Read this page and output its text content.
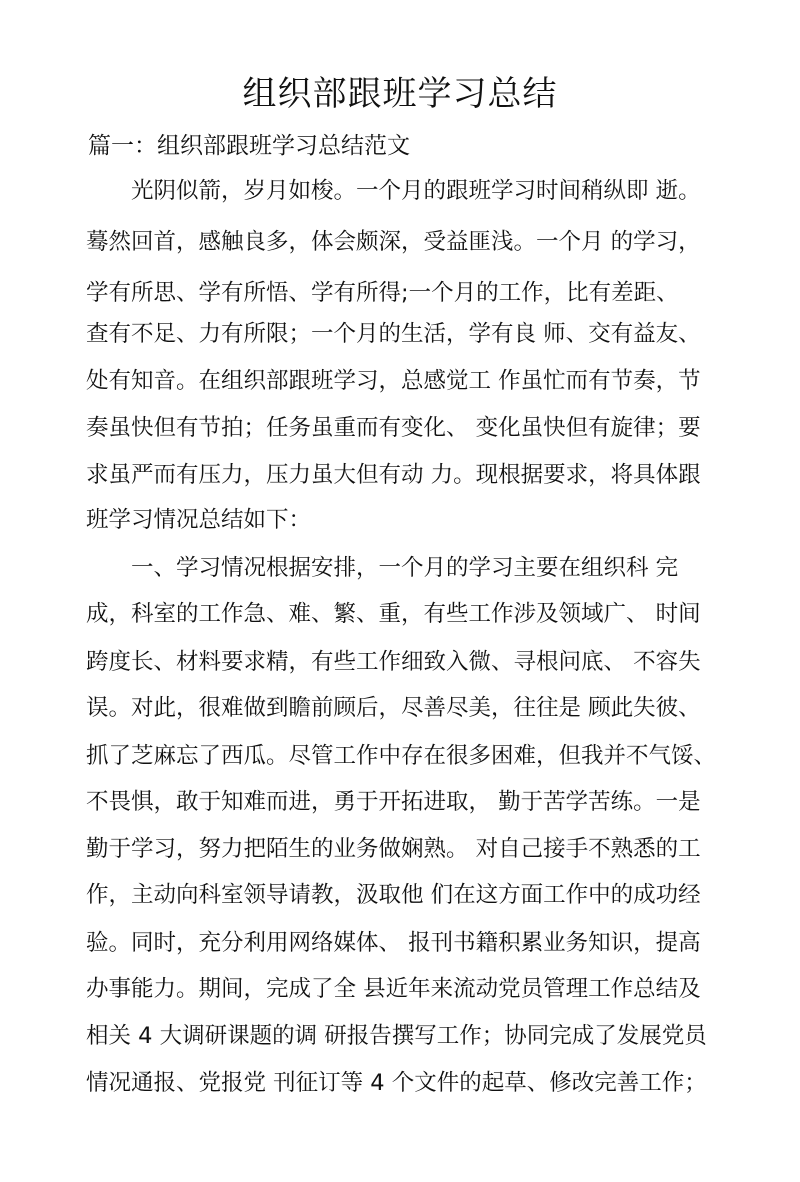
组织部跟班学习总结
篇一：组织部跟班学习总结范文

　　光阴似箭，岁月如梭。一个月的跟班学习时间稍纵即 逝。

蓦然回首，感触良多，体会颇深，受益匪浅。一个月 的学习，

学有所思、学有所悟、学有所得;一个月的工作，比有差距、

查有不足、力有所限；一个月的生活，学有良 师、交有益友、

处有知音。在组织部跟班学习，总感觉工 作虽忙而有节奏，节

奏虽快但有节拍；任务虽重而有变化、 变化虽快但有旋律；要

求虽严而有压力，压力虽大但有动 力。现根据要求，将具体跟

班学习情况总结如下：

　　一、学习情况根据安排，一个月的学习主要在组织科 完

成，科室的工作急、难、繁、重，有些工作涉及领域广、 时间

跨度长、材料要求精，有些工作细致入微、寻根问底、 不容失

误。对此，很难做到瞻前顾后，尽善尽美，往往是 顾此失彼、

抓了芝麻忘了西瓜。尽管工作中存在很多困难，但我并不气馁、

不畏惧，敢于知难而进，勇于开拓进取， 勤于苦学苦练。一是

勤于学习，努力把陌生的业务做娴熟。 对自己接手不熟悉的工

作，主动向科室领导请教，汲取他 们在这方面工作中的成功经

验。同时，充分利用网络媒体、 报刊书籍积累业务知识，提高

办事能力。期间，完成了全 县近年来流动党员管理工作总结及

相关 4 大调研课题的调 研报告撰写工作；协同完成了发展党员

情况通报、党报党 刊征订等 4 个文件的起草、修改完善工作；
